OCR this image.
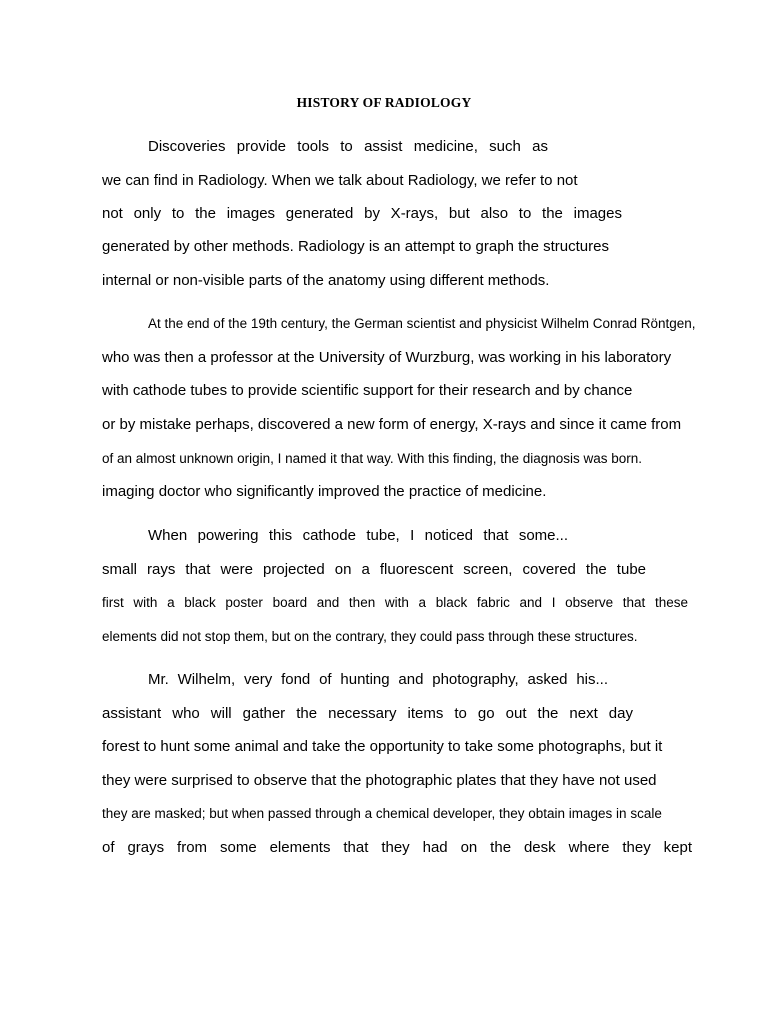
HISTORY OF RADIOLOGY
Discoveries provide tools to assist medicine, such as
we can find in Radiology. When we talk about Radiology, we refer to not
not only to the images generated by X-rays, but also to the images
generated by other methods. Radiology is an attempt to graph the structures
internal or non-visible parts of the anatomy using different methods.
At the end of the 19th century, the German scientist and physicist Wilhelm Conrad Röntgen,
who was then a professor at the University of Wurzburg, was working in his laboratory
with cathode tubes to provide scientific support for their research and by chance
or by mistake perhaps, discovered a new form of energy, X-rays and since it came from
of an almost unknown origin, I named it that way. With this finding, the diagnosis was born.
imaging doctor who significantly improved the practice of medicine.
When powering this cathode tube, I noticed that some...
small rays that were projected on a fluorescent screen, covered the tube
first with a black poster board and then with a black fabric and I observe that these
elements did not stop them, but on the contrary, they could pass through these structures.
Mr. Wilhelm, very fond of hunting and photography, asked his...
assistant who will gather the necessary items to go out the next day
forest to hunt some animal and take the opportunity to take some photographs, but it
they were surprised to observe that the photographic plates that they have not used
they are masked; but when passed through a chemical developer, they obtain images in scale
of grays from some elements that they had on the desk where they kept
